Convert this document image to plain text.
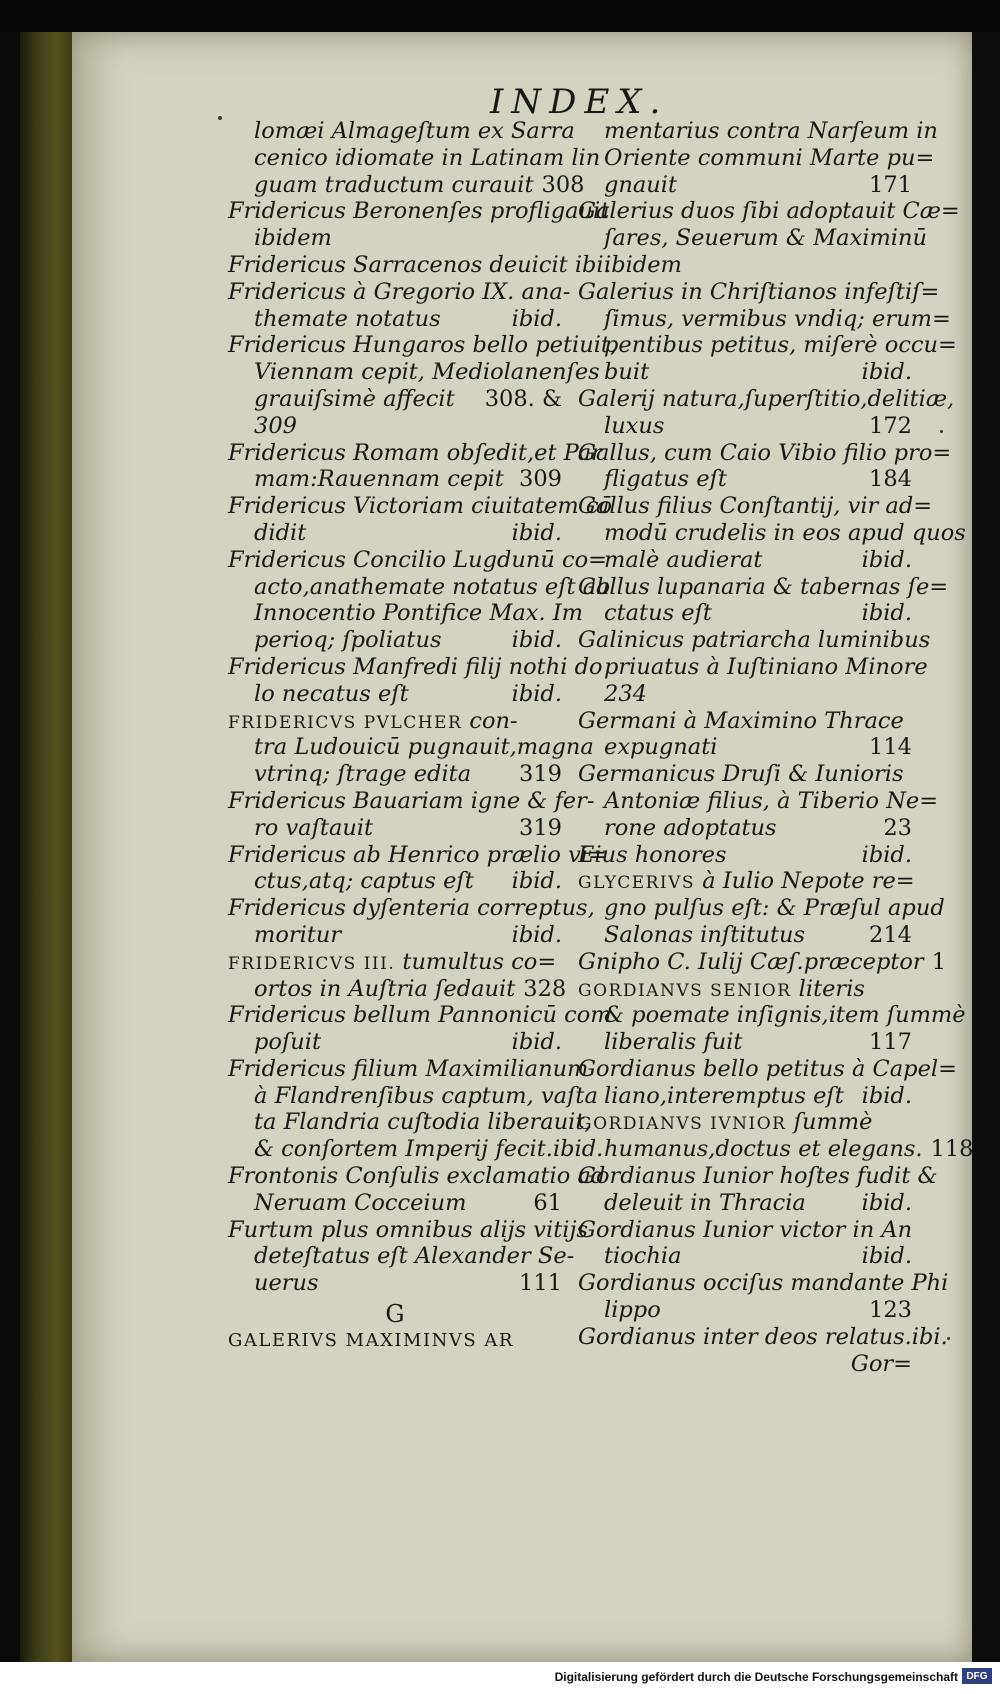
INDEX.
lomæi Almageſtum ex Sarra
cenico idiomate in Latinam lin
guam traductum curauit 308
Fridericus Beronenſes profligauit
ibidem
Fridericus Sarracenos deuicit ibi.
Fridericus à Gregorio IX. ana-
themate notatus	ibid.
Fridericus Hungaros bello petiuit,
Viennam cepit, Mediolanenſes
grauiſsimè affecit 308. &
309
Fridericus Romam obſedit,et Par
mam:Rauennam cepit 309
Fridericus Victoriam ciuitatem cō
didit	ibid.
Fridericus Concilio Lugdunū co=
acto,anathemate notatus eſt ab
Innocentio Pontifice Max. Im
perioq; ſpoliatus	ibid.
Fridericus Manfredi filij nothi do
lo necatus eſt	ibid.
FRIDERICVS PVLCHER con-
tra Ludouicū pugnauit,magna
vtrinq; ſtrage edita 319
Fridericus Bauariam igne & fer-
ro vaſtauit	319
Fridericus ab Henrico prælio vi=
ctus,atq; captus eſt ibid.
Fridericus dyſenteria correptus,
moritur	ibid.
FRIDERICVS III. tumultus co=
ortos in Auſtria ſedauit 328
Fridericus bellum Pannonicū com
poſuit	ibid.
Fridericus filium Maximilianum
à Flandrenſibus captum, vaſta
ta Flandria cuſtodia liberauit,
& conſortem Imperij fecit.ibid.
Frontonis Conſulis exclamatio ad
Neruam Cocceium	61
Furtum plus omnibus alijs vitijs
deteſtatus eſt Alexander Se-
uerus	111
G
GALERIVS MAXIMINVS AR
mentarius contra Narſeum in
Oriente communi Marte pu=
gnauit	171
Galerius duos ſibi adoptauit Cæ=
ſares, Seuerum & Maximinū
ibidem
Galerius in Chriſtianos infeſtiſ=
ſimus, vermibus vndiq; erum=
pentibus petitus, miſerè occu=
buit	ibid.
Galerij natura,ſuperſtitio,delitiæ,
luxus	172
Gallus, cum Caio Vibio filio pro=
fligatus eſt	184
Gallus filius Conſtantij, vir ad=
modū crudelis in eos apud quos
malè audierat	ibid.
Gallus lupanaria & tabernas ſe=
ctatus eſt	ibid.
Galinicus patriarcha luminibus
priuatus à Iuſtiniano Minore
234
Germani à Maximino Thrace
expugnati	114
Germanicus Druſi & Iunioris
Antoniæ filius, à Tiberio Ne=
rone adoptatus	23
Eius honores	ibid.
GLYCERIVS à Iulio Nepote re=
gno pulſus eſt: & Præſul apud
Salonas inſtitutus	214
Gnipho C. Iulij Cæſ.præceptor 1
GORDIANVS SENIOR literis
& poemate inſignis,item ſummè
liberalis fuit	117
Gordianus bello petitus à Capel=
liano,interemptus eſt ibid.
GORDIANVS IVNIOR ſummè
humanus,doctus et elegans. 118
Gordianus Iunior hoſtes fudit &
deleuit in Thracia ibid.
Gordianus Iunior victor in An
tiochia	ibid.
Gordianus occiſus mandante Phi
lippo	123
Gordianus inter deos relatus.ibi.
Gor=
Digitalisierung gefördert durch die Deutsche Forschungsgemeinschaft DFG
